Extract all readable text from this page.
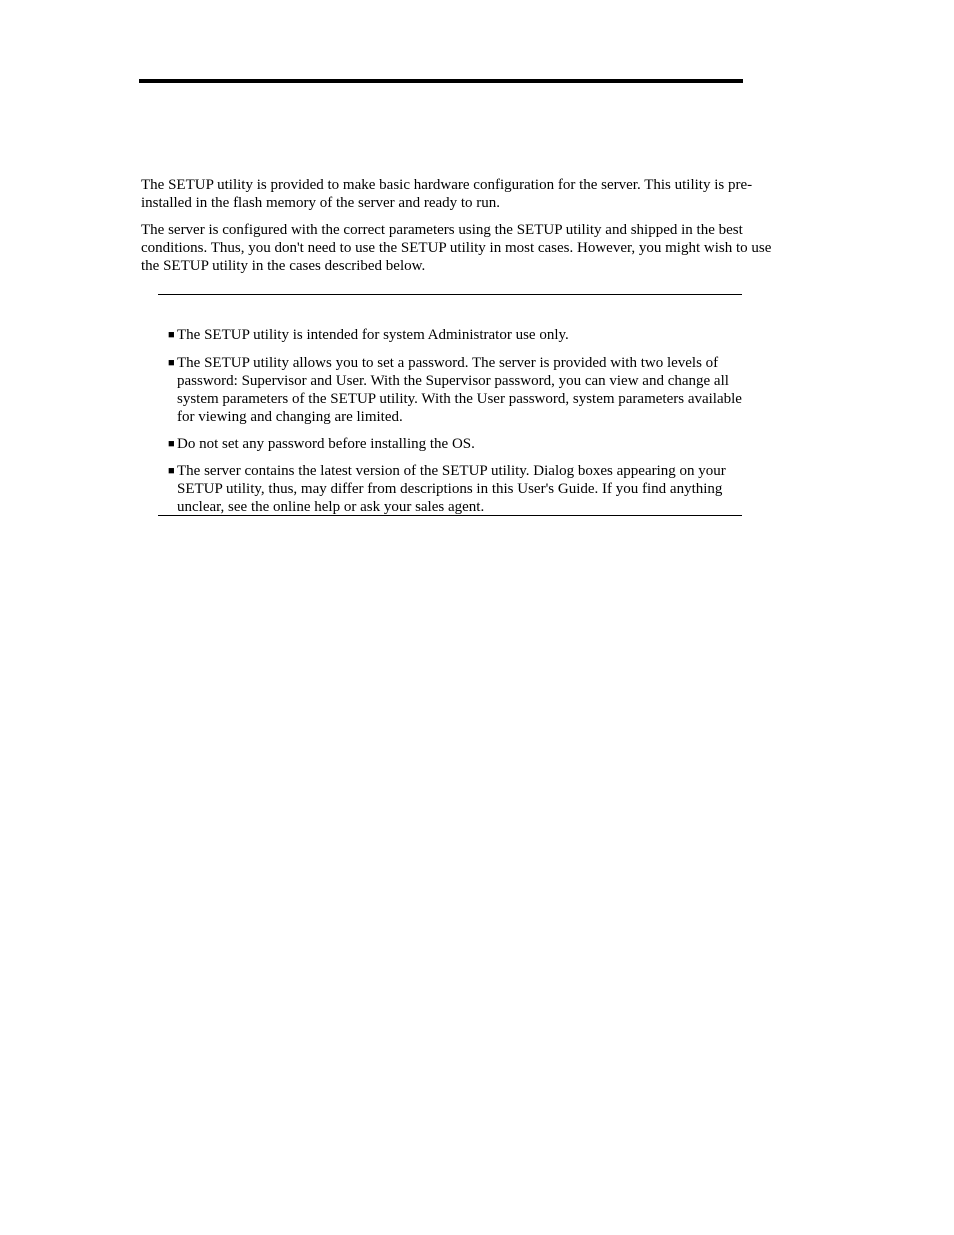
The SETUP utility is provided to make basic hardware configuration for the server. This utility is pre-installed in the flash memory of the server and ready to run.

The server is configured with the correct parameters using the SETUP utility and shipped in the best conditions. Thus, you don't need to use the SETUP utility in most cases. However, you might wish to use the SETUP utility in the cases described below.

■ The SETUP utility is intended for system Administrator use only.

■ The SETUP utility allows you to set a password. The server is provided with two levels of password: Supervisor and User. With the Supervisor password, you can view and change all system parameters of the SETUP utility. With the User password, system parameters available for viewing and changing are limited.

■ Do not set any password before installing the OS.

■ The server contains the latest version of the SETUP utility. Dialog boxes appearing on your SETUP utility, thus, may differ from descriptions in this User's Guide. If you find anything unclear, see the online help or ask your sales agent.
